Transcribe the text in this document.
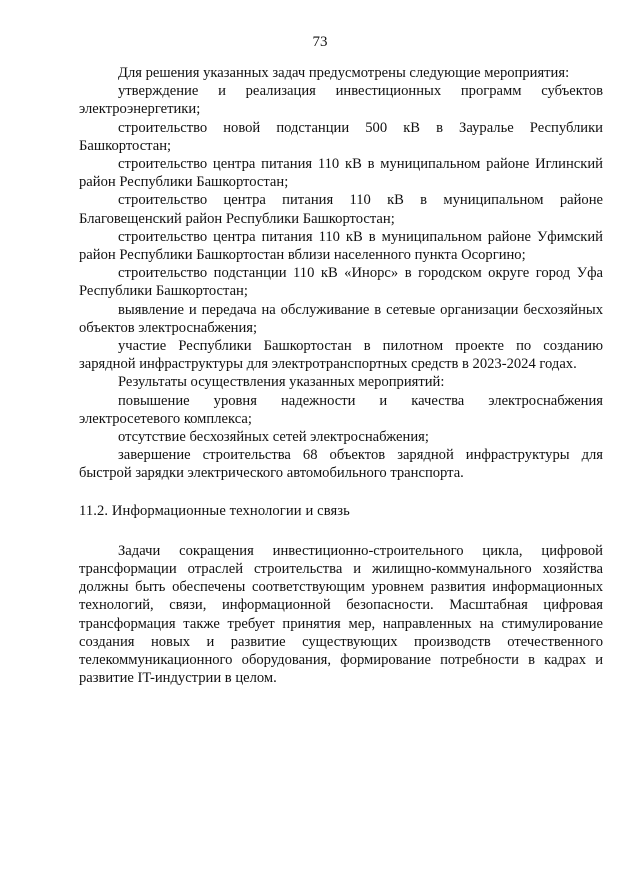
73

Для решения указанных задач предусмотрены следующие мероприятия:

утверждение и реализация инвестиционных программ субъектов электроэнергетики;

строительство новой подстанции 500 кВ в Зауралье Республики Башкортостан;

строительство центра питания 110 кВ в муниципальном районе Иглинский район Республики Башкортостан;

строительство центра питания 110 кВ в муниципальном районе Благовещенский район Республики Башкортостан;

строительство центра питания 110 кВ в муниципальном районе Уфимский район Республики Башкортостан вблизи населенного пункта Осоргино;

строительство подстанции 110 кВ «Инорс» в городском округе город Уфа Республики Башкортостан;

выявление и передача на обслуживание в сетевые организации бесхозяйных объектов электроснабжения;

участие Республики Башкортостан в пилотном проекте по созданию зарядной инфраструктуры для электротранспортных средств в 2023-2024 годах.

Результаты осуществления указанных мероприятий:

повышение уровня надежности и качества электроснабжения электросетевого комплекса;

отсутствие бесхозяйных сетей электроснабжения;

завершение строительства 68 объектов зарядной инфраструктуры для быстрой зарядки электрического автомобильного транспорта.

11.2. Информационные технологии и связь

Задачи сокращения инвестиционно-строительного цикла, цифровой трансформации отраслей строительства и жилищно-коммунального хозяйства должны быть обеспечены соответствующим уровнем развития информационных технологий, связи, информационной безопасности. Масштабная цифровая трансформация также требует принятия мер, направленных на стимулирование создания новых и развитие существующих производств отечественного телекоммуникационного оборудования, формирование потребности в кадрах и развитие IT-индустрии в целом.
